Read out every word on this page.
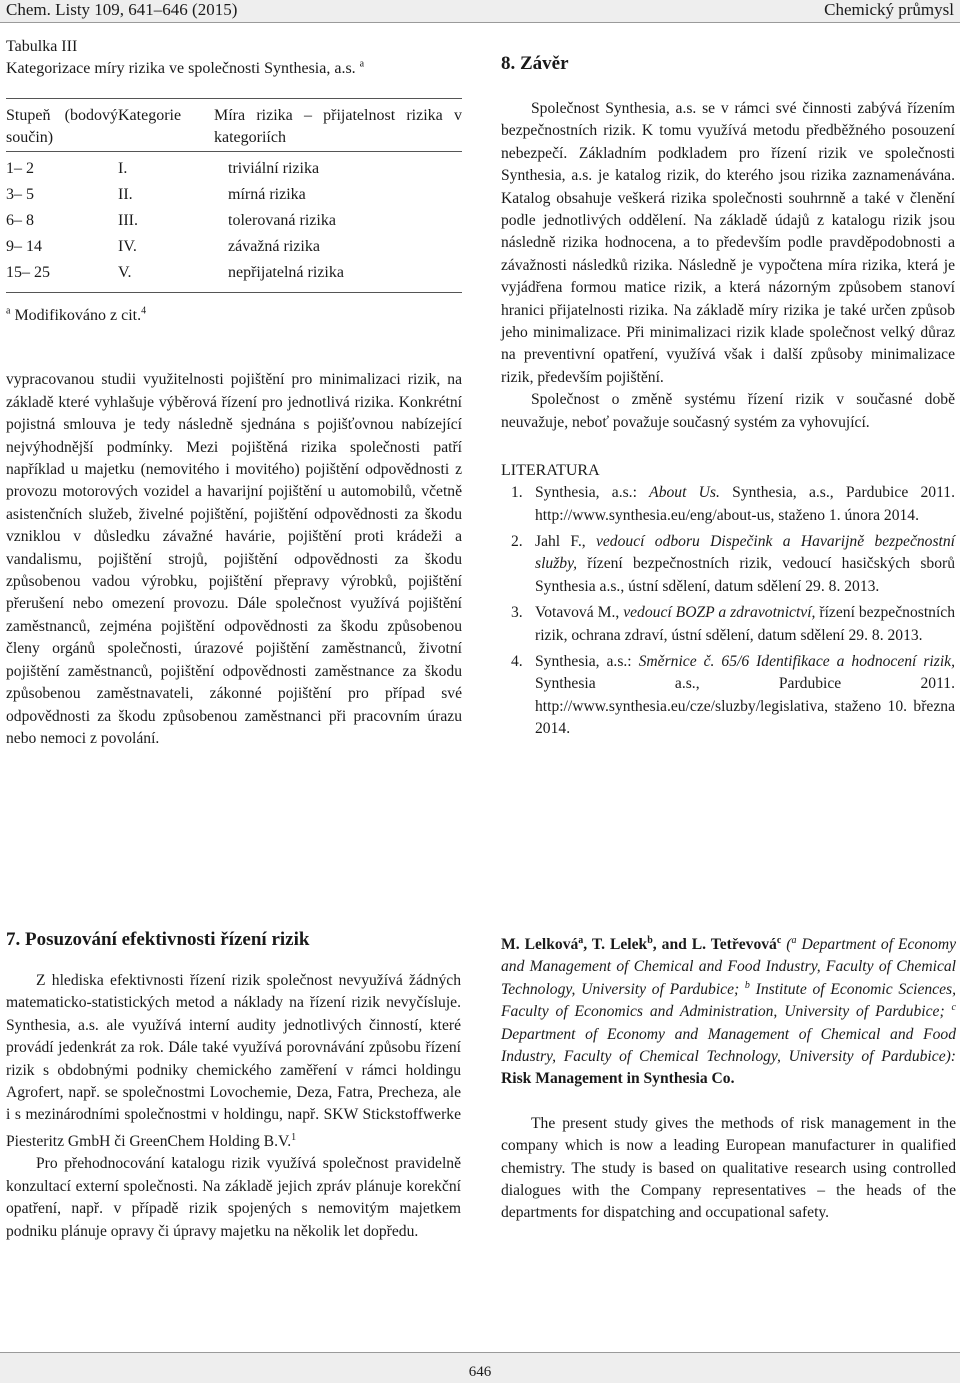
Chem. Listy 109, 641–646 (2015)	Chemický průmysl
Tabulka III
Kategorizace míry rizika ve společnosti Synthesia, a.s. $^a$
Stupeň (bodový součin)	Kategorie	Míra rizika – přijatelnost rizika v kategoriích
1– 2	I.	triviální rizika
3– 5	II.	mírná rizika
6– 8	III.	tolerovaná rizika
9– 14	IV.	závažná rizika
15– 25	V.	nepřijatelná rizika
$^a$ Modifikováno z cit.$^4$

vypracovanou studii využitelnosti pojištění pro minimalizaci rizik, na základě které vyhlašuje výběrová řízení pro jednotlivá rizika. Konkrétní pojistná smlouva je tedy následně sjednána s pojišťovnou nabízející nejvýhodnější podmínky. Mezi pojištěná rizika společnosti patří například u majetku (nemovitého i movitého) pojištění odpovědnosti z provozu motorových vozidel a havarijní pojištění u automobilů, včetně asistenčních služeb, živelné pojištění, pojištění odpovědnosti za škodu vzniklou v důsledku závažné havárie, pojištění proti krádeži a vandalismu, pojištění strojů, pojištění odpovědnosti za škodu způsobenou vadou výrobku, pojištění přepravy výrobků, pojištění přerušení nebo omezení provozu. Dále společnost využívá pojištění zaměstnanců, zejména pojištění odpovědnosti za škodu způsobenou členy orgánů společnosti, úrazové pojištění zaměstnanců, životní pojištění zaměstnanců, pojištění odpovědnosti zaměstnance za škodu způsobenou zaměstnavateli, zákonné pojištění pro případ své odpovědnosti za škodu způsobenou zaměstnanci při pracovním úrazu nebo nemoci z povolání.

8. Závěr

Společnost Synthesia, a.s. se v rámci své činnosti zabývá řízením bezpečnostních rizik. K tomu využívá metodu předběžného posouzení nebezpečí. Základním podkladem pro řízení rizik ve společnosti Synthesia, a.s. je katalog rizik, do kterého jsou rizika zaznamenávána. Katalog obsahuje veškerá rizika společnosti souhrnně a také v členění podle jednotlivých oddělení. Na základě údajů z katalogu rizik jsou následně rizika hodnocena, a to především podle pravděpodobnosti a závažnosti následků rizika. Následně je vypočtena míra rizika, která je vyjádřena formou matice rizik, a která názorným způsobem stanoví hranici přijatelnosti rizika. Na základě míry rizika je také určen způsob jeho minimalizace. Při minimalizaci rizik klade společnost velký důraz na preventivní opatření, využívá však i další způsoby minimalizace rizik, především pojištění.

Společnost o změně systému řízení rizik v současné době neuvažuje, neboť považuje současný systém za vyhovující.

LITERATURA
1. Synthesia, a.s.: About Us. Synthesia, a.s., Pardubice 2011. http://www.synthesia.eu/eng/about-us, staženo 1. února 2014.
2. Jahl F., vedoucí odboru Dispečink a Havarijně bezpečnostní služby, řízení bezpečnostních rizik, vedoucí hasičských sborů Synthesia a.s., ústní sdělení, datum sdělení 29. 8. 2013.
3. Votavová M., vedoucí BOZP a zdravotnictví, řízení bezpečnostních rizik, ochrana zdraví, ústní sdělení, datum sdělení 29. 8. 2013.
4. Synthesia, a.s.: Směrnice č. 65/6 Identifikace a hodnocení rizik, Synthesia a.s., Pardubice 2011. http://www.synthesia.eu/cze/sluzby/legislativa, staženo 10. března 2014.
7. Posuzování efektivnosti řízení rizik

Z hlediska efektivnosti řízení rizik společnost nevyužívá žádných matematicko-statistických metod a náklady na řízení rizik nevyčísluje. Synthesia, a.s. ale využívá interní audity jednotlivých činností, které provádí jedenkrát za rok. Dále také využívá porovnávání způsobu řízení rizik s obdobnými podniky chemického zaměření v rámci holdingu Agrofert, např. se společnostmi Lovochemie, Deza, Fatra, Precheza, ale i s mezinárodními společnostmi v holdingu, např. SKW Stickstoffwerke Piesteritz GmbH či GreenChem Holding B.V.$^1$

Pro přehodnocování katalogu rizik využívá společnost pravidelně konzultací externí společnosti. Na základě jejich zpráv plánuje korekční opatření, např. v případě rizik spojených s nemovitým majetkem podniku plánuje opravy či úpravy majetku na několik let dopředu.

M. Lelková$^a$, T. Lelek$^b$, and L. Tetřevová$^c$ ($^a$ Department of Economy and Management of Chemical and Food Industry, Faculty of Chemical Technology, University of Pardubice; $^b$ Institute of Economic Sciences, Faculty of Economics and Administration, University of Pardubice; $^c$ Department of Economy and Management of Chemical and Food Industry, Faculty of Chemical Technology, University of Pardubice): Risk Management in Synthesia Co.

The present study gives the methods of risk management in the company which is now a leading European manufacturer in qualified chemistry. The study is based on qualitative research using controlled dialogues with the Company representatives – the heads of the departments for dispatching and occupational safety.

646
